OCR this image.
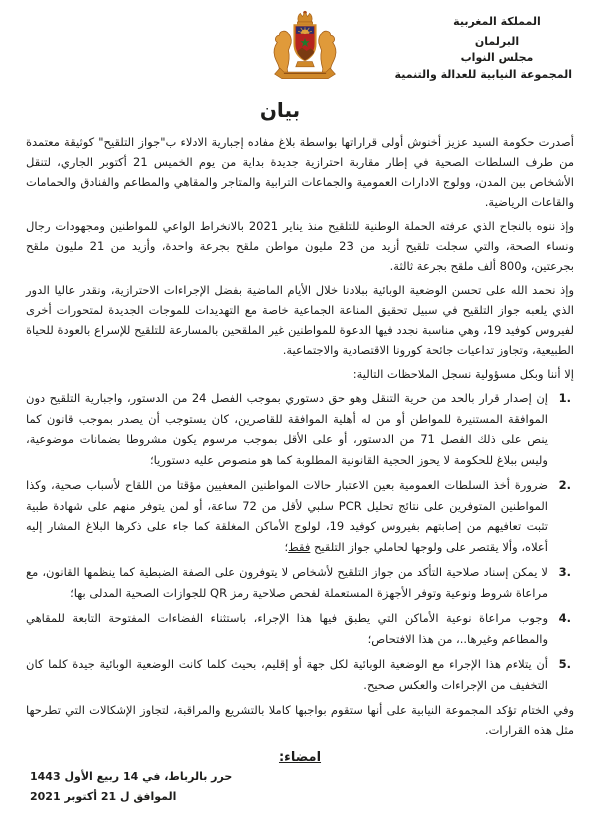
المملكة المغربية
البرلمان
مجلس النواب
المجموعة النيابية للعدالة والتنمية
بيان

أصدرت حكومة السيد عزيز أخنوش أولى قراراتها بواسطة بلاغ مفاده إجبارية الادلاء ب"جواز التلقيح" كوثيقة معتمدة من طرف السلطات الصحية في إطار مقاربة احترازية جديدة بداية من يوم الخميس 21 أكتوبر الجاري، لتنقل الأشخاص بين المدن، وولوج الادارات العمومية والجماعات الترابية والمتاجر والمقاهي والمطاعم والفنادق والحمامات والقاعات الرياضية.

وإذ ننوه بالنجاح الذي عرفته الحملة الوطنية للتلقيح منذ يناير 2021 بالانخراط الواعي للمواطنين ومجهودات رجال ونساء الصحة، والتي سجلت تلقيح أزيد من 23 مليون مواطن ملقح بجرعة واحدة، وأزيد من 21 مليون ملقح بجرعتين، و800 ألف ملقح بجرعة ثالثة.

وإذ نحمد الله على تحسن الوضعية الوبائية ببلادنا خلال الأيام الماضية بفضل الإجراءات الاحترازية، ونقدر عاليا الدور الذي يلعبه جواز التلقيح في سبيل تحقيق المناعة الجماعية خاصة مع التهديدات للموجات الجديدة لمتحورات أخرى لفيروس كوفيد 19، وهي مناسبة نجدد فيها الدعوة للمواطنين غير الملقحين بالمسارعة للتلقيح للإسراع بالعودة للحياة الطبيعية، وتجاوز تداعيات جائحة كورونا الاقتصادية والاجتماعية.

إلا أننا وبكل مسؤولية نسجل الملاحظات التالية:

1.
إن إصدار قرار بالحد من حرية التنقل وهو حق دستوري بموجب الفصل 24 من الدستور، واجبارية التلقيح دون الموافقة المستنيرة للمواطن أو من له أهلية الموافقة للقاصرين، كان يستوجب أن يصدر بموجب قانون كما ينص على ذلك الفصل 71 من الدستور، أو على الأقل بموجب مرسوم يكون مشروطا بضمانات موضوعية، وليس ببلاغ للحكومة لا يحوز الحجية القانونية المطلوبة كما هو منصوص عليه دستوريا؛
2.
ضرورة أخذ السلطات العمومية بعين الاعتبار حالات المواطنين المعفيين مؤقتا من اللقاح لأسباب صحية، وكذا المواطنين المتوفرين على نتائج تحليل PCR سلبي لأقل من 72 ساعة، أو لمن يتوفر منهم على شهادة طبية تثبت تعافيهم من إصابتهم بفيروس كوفيد 19، لولوج الأماكن المغلقة كما جاء على ذكرها البلاغ المشار إليه أعلاه، وألا يقتصر على ولوجها لحاملي جواز التلقيح فقط؛
3.
لا يمكن إسناد صلاحية التأكد من جواز التلقيح لأشخاص لا يتوفرون على الصفة الضبطية كما ينظمها القانون، مع مراعاة شروط ونوعية وتوفر الأجهزة المستعملة لفحص صلاحية رمز QR للجوازات الصحية المدلى بها؛
4.
وجوب مراعاة نوعية الأماكن التي يطبق فيها هذا الإجراء، باستثناء الفضاءات المفتوحة التابعة للمقاهي والمطاعم وغيرها..، من هذا الافتحاص؛
5.
أن يتلاءم هذا الإجراء مع الوضعية الوبائية لكل جهة أو إقليم، بحيث كلما كانت الوضعية الوبائية جيدة كلما كان التخفيف من الإجراءات والعكس صحيح.

وفي الختام تؤكد المجموعة النيابية على أنها ستقوم بواجبها كاملا بالتشريع والمراقبة، لتجاوز الإشكالات التي تطرحها مثل هذه القرارات.

امضاء:
حرر بالرباط، في 14 ربيع الأول 1443
الموافق ل 21 أكتوبر 2021
